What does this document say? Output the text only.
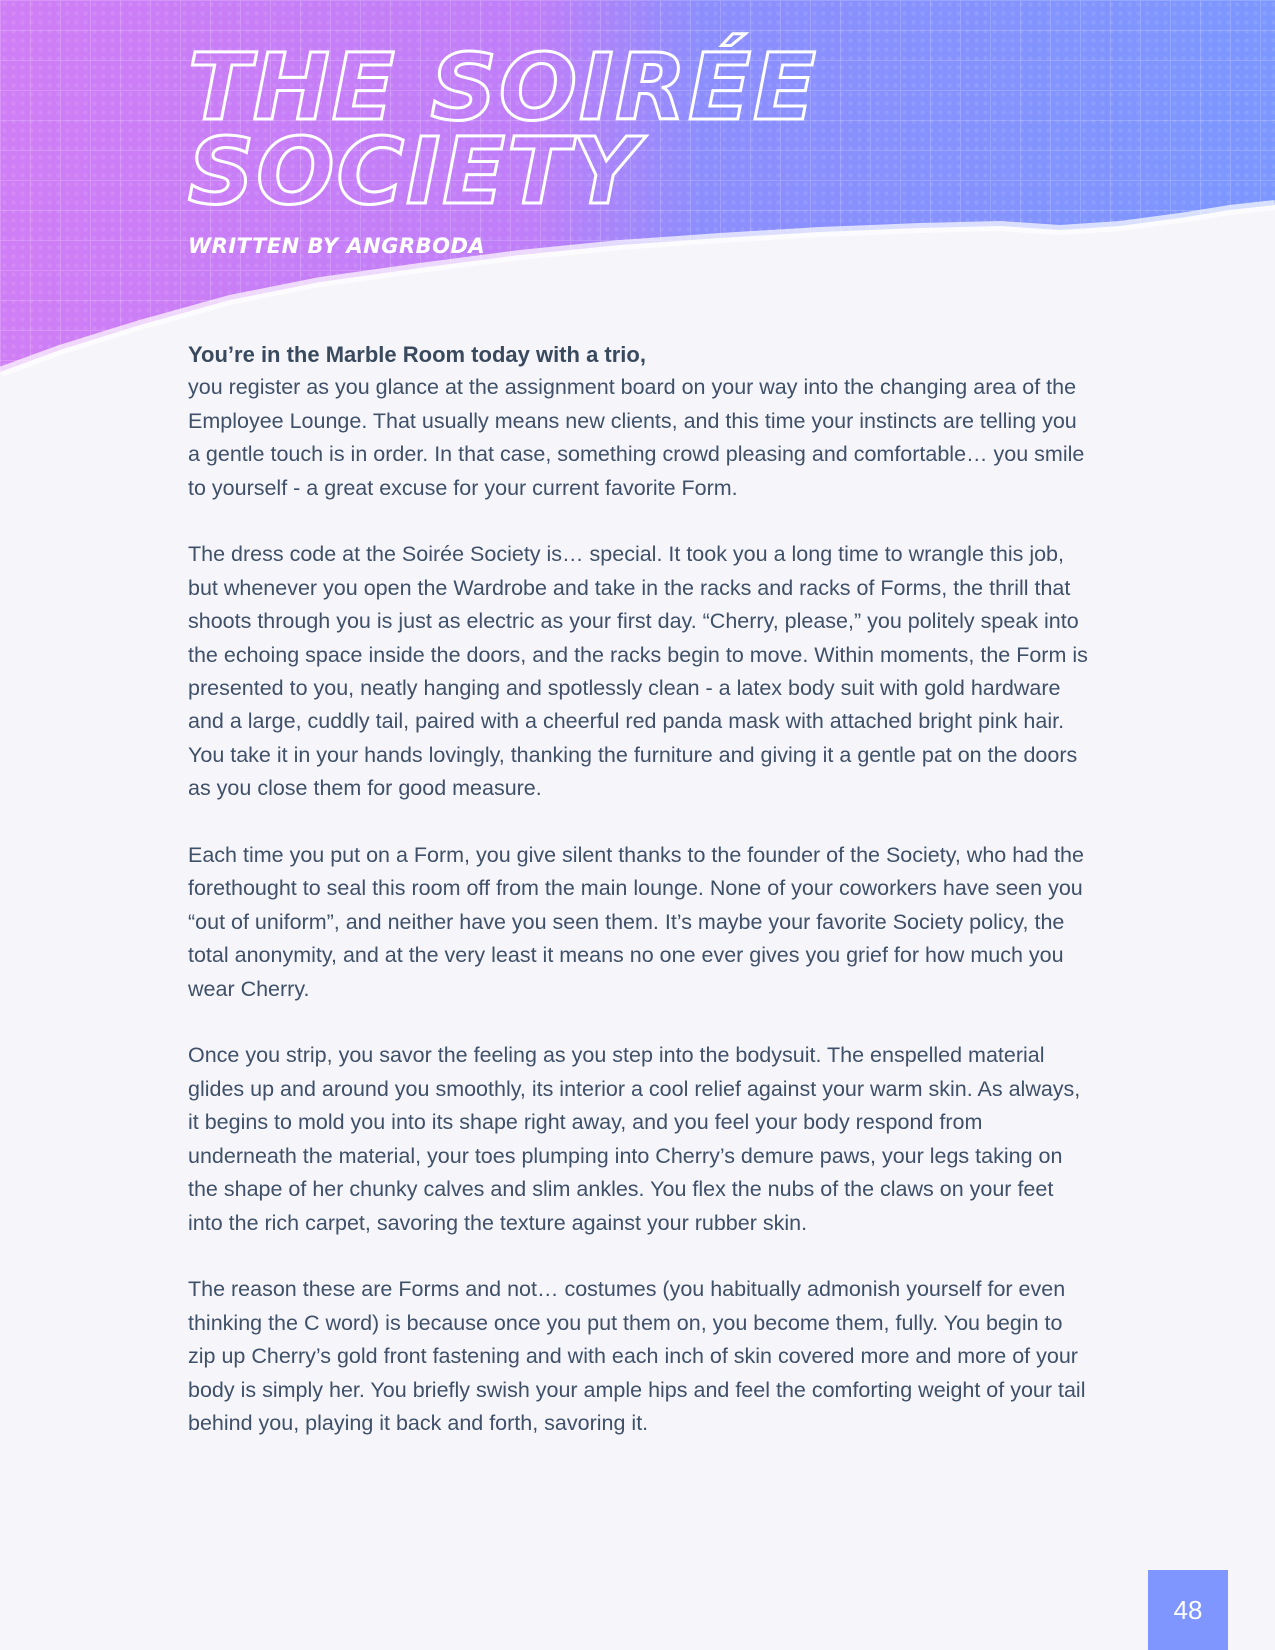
THE SOIRÉE
SOCIETY

WRITTEN BY ANGRBODA

You’re in the Marble Room today with a trio,

you register as you glance at the assignment board on your way into the changing area of the Employee Lounge. That usually means new clients, and this time your instincts are telling you a gentle touch is in order. In that case, something crowd pleasing and comfortable… you smile to yourself - a great excuse for your current favorite Form.

The dress code at the Soirée Society is… special. It took you a long time to wrangle this job, but whenever you open the Wardrobe and take in the racks and racks of Forms, the thrill that shoots through you is just as electric as your first day. “Cherry, please,” you politely speak into the echoing space inside the doors, and the racks begin to move. Within moments, the Form is presented to you, neatly hanging and spotlessly clean - a latex body suit with gold hardware and a large, cuddly tail, paired with a cheerful red panda mask with attached bright pink hair. You take it in your hands lovingly, thanking the furniture and giving it a gentle pat on the doors as you close them for good measure.

Each time you put on a Form, you give silent thanks to the founder of the Society, who had the forethought to seal this room off from the main lounge. None of your coworkers have seen you “out of uniform”, and neither have you seen them. It’s maybe your favorite Society policy, the total anonymity, and at the very least it means no one ever gives you grief for how much you wear Cherry.

Once you strip, you savor the feeling as you step into the bodysuit. The enspelled material glides up and around you smoothly, its interior a cool relief against your warm skin. As always, it begins to mold you into its shape right away, and you feel your body respond from underneath the material, your toes plumping into Cherry’s demure paws, your legs taking on the shape of her chunky calves and slim ankles. You flex the nubs of the claws on your feet into the rich carpet, savoring the texture against your rubber skin.

The reason these are Forms and not… costumes (you habitually admonish yourself for even thinking the C word) is because once you put them on, you become them, fully. You begin to zip up Cherry’s gold front fastening and with each inch of skin covered more and more of your body is simply her. You briefly swish your ample hips and feel the comforting weight of your tail behind you, playing it back and forth, savoring it.

48
